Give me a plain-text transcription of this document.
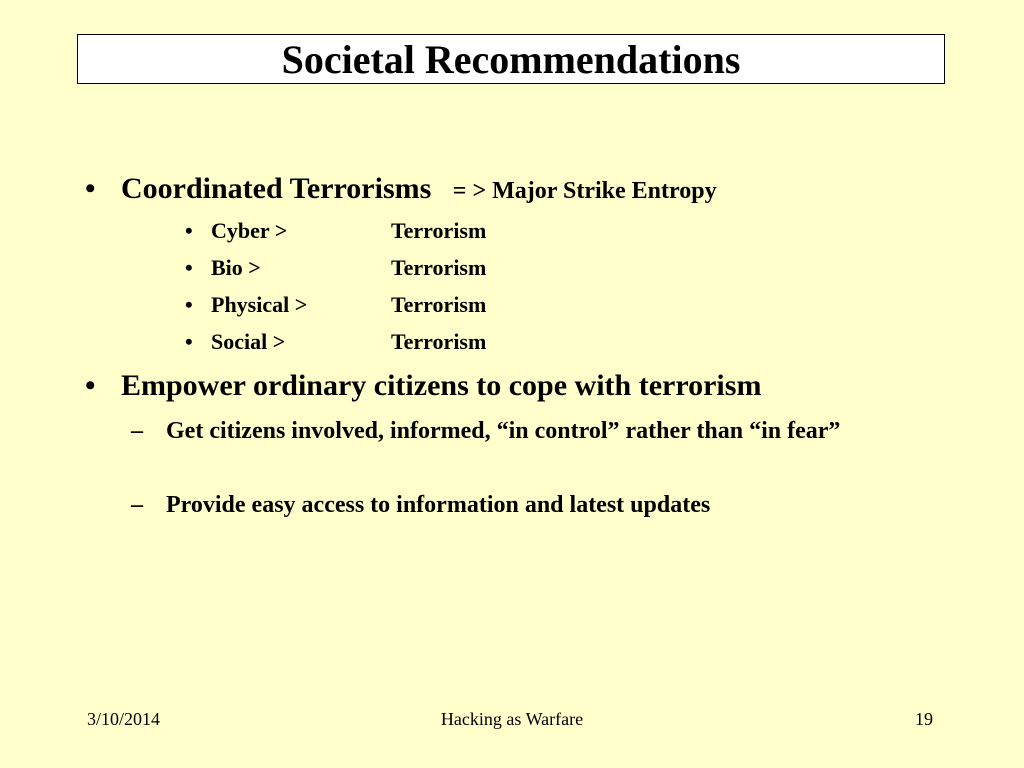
Societal Recommendations
• Coordinated Terrorisms = > Major Strike Entropy
• Cyber >	Terrorism
• Bio >	Terrorism
• Physical >	Terrorism
• Social >	Terrorism
• Empower ordinary citizens to cope with terrorism
– Get citizens involved, informed, “in control” rather than “in fear”
– Provide easy access to information and latest updates
3/10/2014	Hacking as Warfare	19
